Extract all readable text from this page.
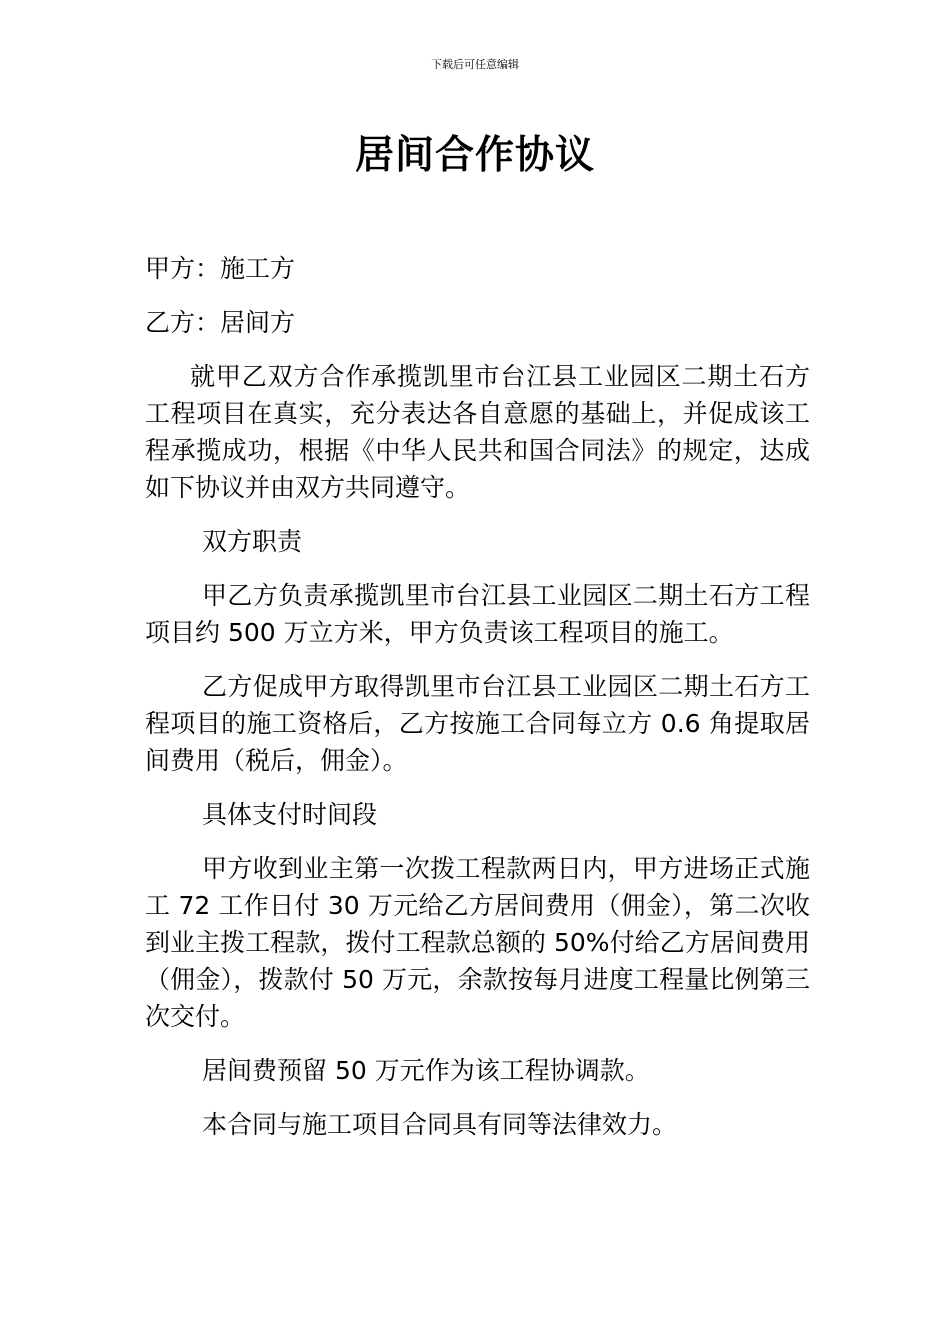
下载后可任意编辑
居间合作协议

甲方：施工方

乙方：居间方

就甲乙双方合作承揽凯里市台江县工业园区二期土石方工程项目在真实，充分表达各自意愿的基础上，并促成该工程承揽成功，根据《中华人民共和国合同法》的规定，达成如下协议并由双方共同遵守。

双方职责

甲乙方负责承揽凯里市台江县工业园区二期土石方工程项目约 500 万立方米，甲方负责该工程项目的施工。

乙方促成甲方取得凯里市台江县工业园区二期土石方工程项目的施工资格后，乙方按施工合同每立方 0.6 角提取居间费用（税后，佣金）。

具体支付时间段

甲方收到业主第一次拨工程款两日内，甲方进场正式施工 72 工作日付 30 万元给乙方居间费用（佣金），第二次收到业主拨工程款，拨付工程款总额的 50%付给乙方居间费用（佣金），拨款付 50 万元，余款按每月进度工程量比例第三次交付。

居间费预留 50 万元作为该工程协调款。

本合同与施工项目合同具有同等法律效力。
